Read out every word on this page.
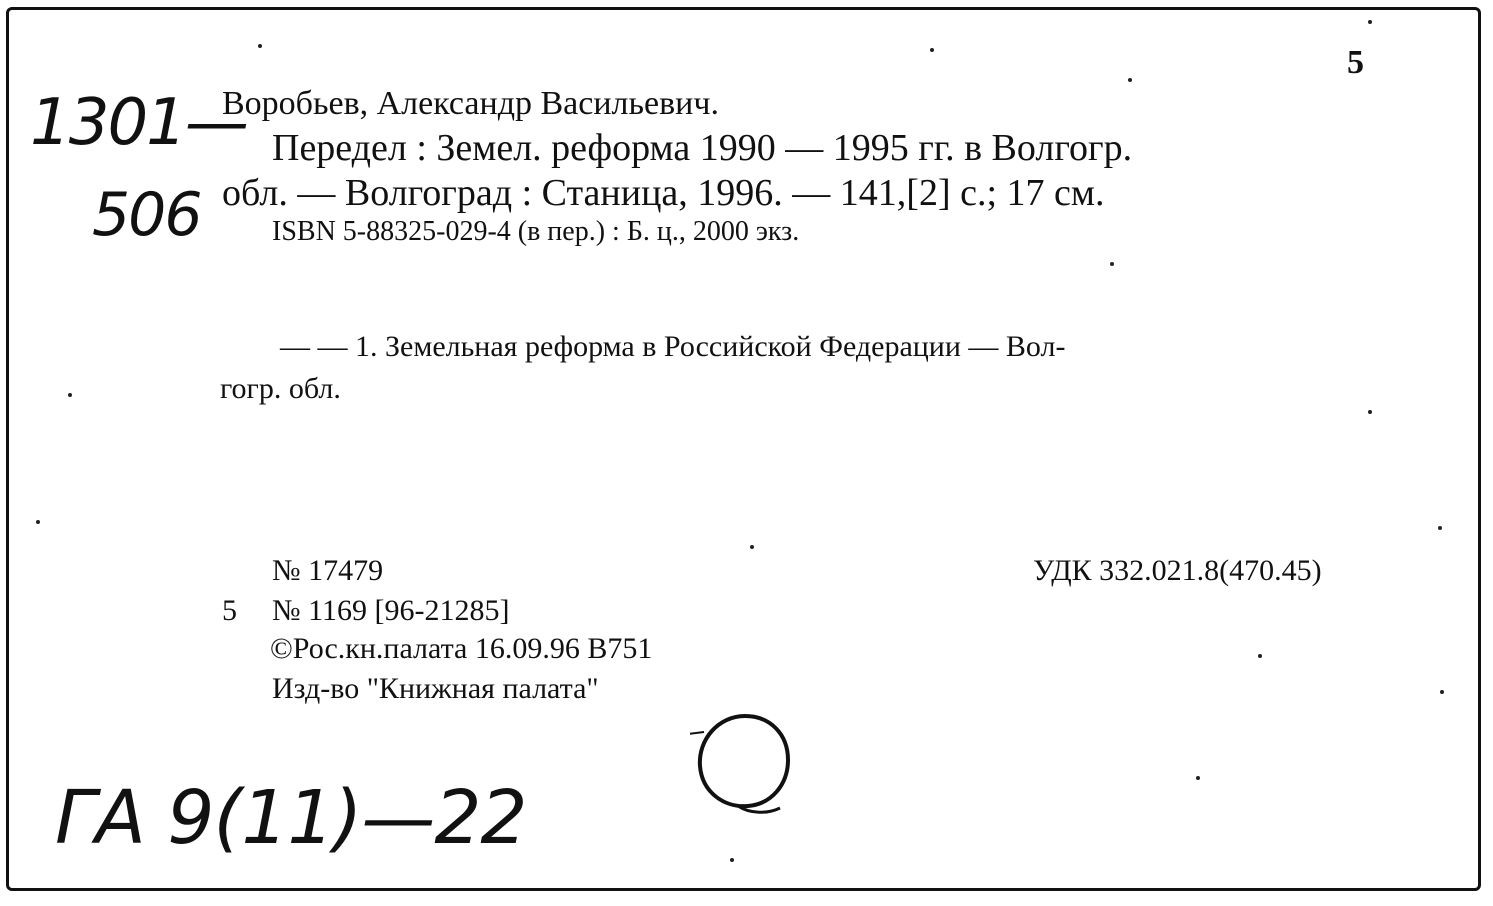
5
1301—
506
Воробьев, Александр Васильевич.
Передел : Земел. реформа 1990 — 1995 гг. в Волгогр.
обл. — Волгоград : Станица, 1996. — 141,[2] с.; 17 см.
ISBN 5-88325-029-4 (в пер.) : Б. ц., 2000 экз.
— — 1. Земельная реформа в Российской Федерации — Вол-
гогр. обл.
№ 17479	УДК 332.021.8(470.45)
5 № 1169 [96-21285]
©Рос.кн.палата 16.09.96 В751
Изд-во "Книжная палата"
ГА 9(11)—22
